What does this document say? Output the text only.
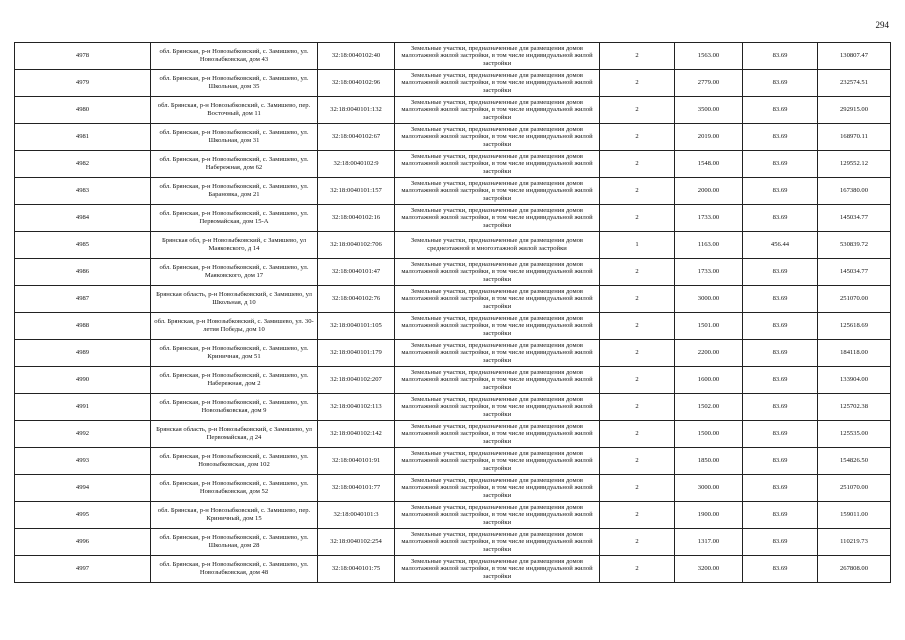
294
4978	обл. Брянская, р-н Новозыбковский, с. Замишево, ул. Новозыбковская, дом 43	32:18:0040102:40	Земельные участки, предназначенные для размещения домов малоэтажной жилой застройки, в том числе индивидуальной жилой застройки	2	1563.00	83.69	130807.47
4979	обл. Брянская, р-н Новозыбковский, с. Замишево, ул. Школьная, дом 35	32:18:0040102:96	Земельные участки, предназначенные для размещения домов малоэтажной жилой застройки, в том числе индивидуальной жилой застройки	2	2779.00	83.69	232574.51
4980	обл. Брянская, р-н Новозыбковский, с. Замишево, пер. Восточный, дом 11	32:18:0040101:132	Земельные участки, предназначенные для размещения домов малоэтажной жилой застройки, в том числе индивидуальной жилой застройки	2	3500.00	83.69	292915.00
4981	обл. Брянская, р-н Новозыбковский, с. Замишево, ул. Школьная, дом 31	32:18:0040102:67	Земельные участки, предназначенные для размещения домов малоэтажной жилой застройки, в том числе индивидуальной жилой застройки	2	2019.00	83.69	168970.11
4982	обл. Брянская, р-н Новозыбковский, с. Замишево, ул. Набережная, дом 62	32:18:0040102:9	Земельные участки, предназначенные для размещения домов малоэтажной жилой застройки, в том числе индивидуальной жилой застройки	2	1548.00	83.69	129552.12
4983	обл. Брянская, р-н Новозыбковский, с. Замишево, ул. Барановка, дом 21	32:18:0040101:157	Земельные участки, предназначенные для размещения домов малоэтажной жилой застройки, в том числе индивидуальной жилой застройки	2	2000.00	83.69	167380.00
4984	обл. Брянская, р-н Новозыбковский, с. Замишево, ул. Первомайская, дом 15-А	32:18:0040102:16	Земельные участки, предназначенные для размещения домов малоэтажной жилой застройки, в том числе индивидуальной жилой застройки	2	1733.00	83.69	145034.77
4985	Брянская обл, р-н Новозыбковский, с Замишево, ул Маяковского, д 14	32:18:0040102:706	Земельные участки, предназначенные для размещения домов среднеэтажной и многоэтажной жилой застройки	1	1163.00	456.44	530839.72
4986	обл. Брянская, р-н Новозыбковский, с. Замишево, ул. Маяковского, дом 17	32:18:0040101:47	Земельные участки, предназначенные для размещения домов малоэтажной жилой застройки, в том числе индивидуальной жилой застройки	2	1733.00	83.69	145034.77
4987	Брянская область, р-н Новозыбковский, с Замишево, ул Школьная, д 10	32:18:0040102:76	Земельные участки, предназначенные для размещения домов малоэтажной жилой застройки, в том числе индивидуальной жилой застройки	2	3000.00	83.69	251070.00
4988	обл. Брянская, р-н Новозыбковский, с. Замишево, ул. 30-летия Победы, дом 10	32:18:0040101:105	Земельные участки, предназначенные для размещения домов малоэтажной жилой застройки, в том числе индивидуальной жилой застройки	2	1501.00	83.69	125618.69
4989	обл. Брянская, р-н Новозыбковский, с. Замишево, ул. Криничная, дом 51	32:18:0040101:179	Земельные участки, предназначенные для размещения домов малоэтажной жилой застройки, в том числе индивидуальной жилой застройки	2	2200.00	83.69	184118.00
4990	обл. Брянская, р-н Новозыбковский, с. Замишево, ул. Набережная, дом 2	32:18:0040102:207	Земельные участки, предназначенные для размещения домов малоэтажной жилой застройки, в том числе индивидуальной жилой застройки	2	1600.00	83.69	133904.00
4991	обл. Брянская, р-н Новозыбковский, с. Замишево, ул. Новозыбковская, дом 9	32:18:0040102:113	Земельные участки, предназначенные для размещения домов малоэтажной жилой застройки, в том числе индивидуальной жилой застройки	2	1502.00	83.69	125702.38
4992	Брянская область, р-н Новозыбковский, с Замишево, ул Первомайская, д 24	32:18:0040102:142	Земельные участки, предназначенные для размещения домов малоэтажной жилой застройки, в том числе индивидуальной жилой застройки	2	1500.00	83.69	125535.00
4993	обл. Брянская, р-н Новозыбковский, с. Замишево, ул. Новозыбковская, дом 102	32:18:0040101:91	Земельные участки, предназначенные для размещения домов малоэтажной жилой застройки, в том числе индивидуальной жилой застройки	2	1850.00	83.69	154826.50
4994	обл. Брянская, р-н Новозыбковский, с. Замишево, ул. Новозыбковская, дом 52	32:18:0040101:77	Земельные участки, предназначенные для размещения домов малоэтажной жилой застройки, в том числе индивидуальной жилой застройки	2	3000.00	83.69	251070.00
4995	обл. Брянская, р-н Новозыбковский, с. Замишево, пер. Криничный, дом 15	32:18:0040101:3	Земельные участки, предназначенные для размещения домов малоэтажной жилой застройки, в том числе индивидуальной жилой застройки	2	1900.00	83.69	159011.00
4996	обл. Брянская, р-н Новозыбковский, с. Замишево, ул. Школьная, дом 28	32:18:0040102:254	Земельные участки, предназначенные для размещения домов малоэтажной жилой застройки, в том числе индивидуальной жилой застройки	2	1317.00	83.69	110219.73
4997	обл. Брянская, р-н Новозыбковский, с. Замишево, ул. Новозыбковская, дом 48	32:18:0040101:75	Земельные участки, предназначенные для размещения домов малоэтажной жилой застройки, в том числе индивидуальной жилой застройки	2	3200.00	83.69	267808.00
